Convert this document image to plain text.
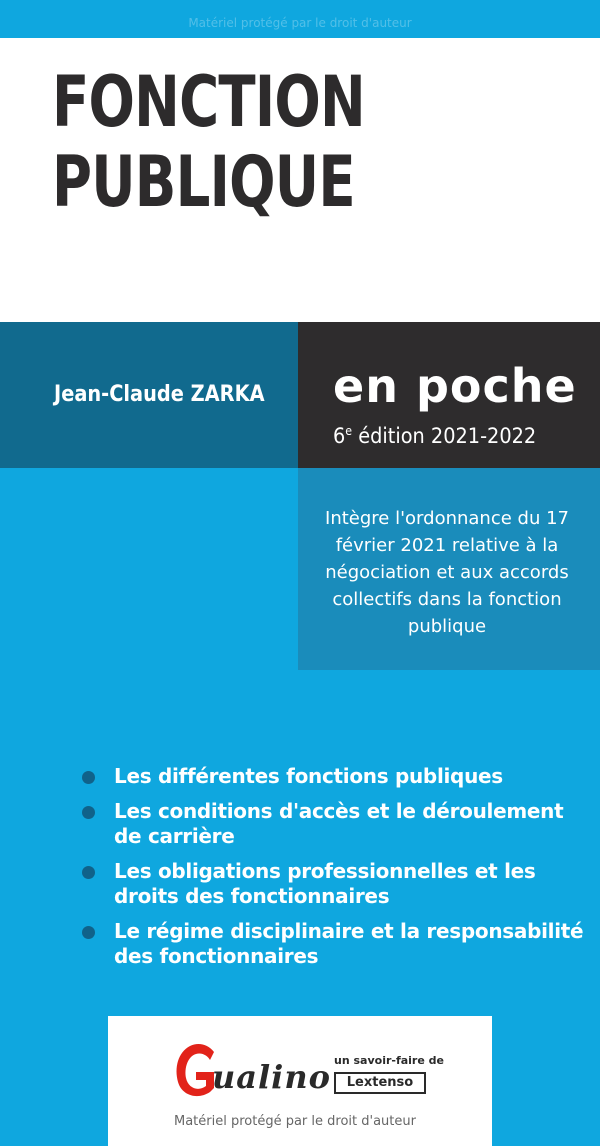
Matériel protégé par le droit d'auteur
FONCTION
PUBLIQUE
Jean-Claude ZARKA en poche
6e édition 2021-2022
Intègre l'ordonnance du 17 février 2021 relative à la négociation et aux accords collectifs dans la fonction publique
Les différentes fonctions publiques
Les conditions d'accès et le déroulement de carrière
Les obligations professionnelles et les droits des fonctionnaires
Le régime disciplinaire et la responsabilité des fonctionnaires
ualino un savoir-faire de
Lextenso
Matériel protégé par le droit d'auteur
